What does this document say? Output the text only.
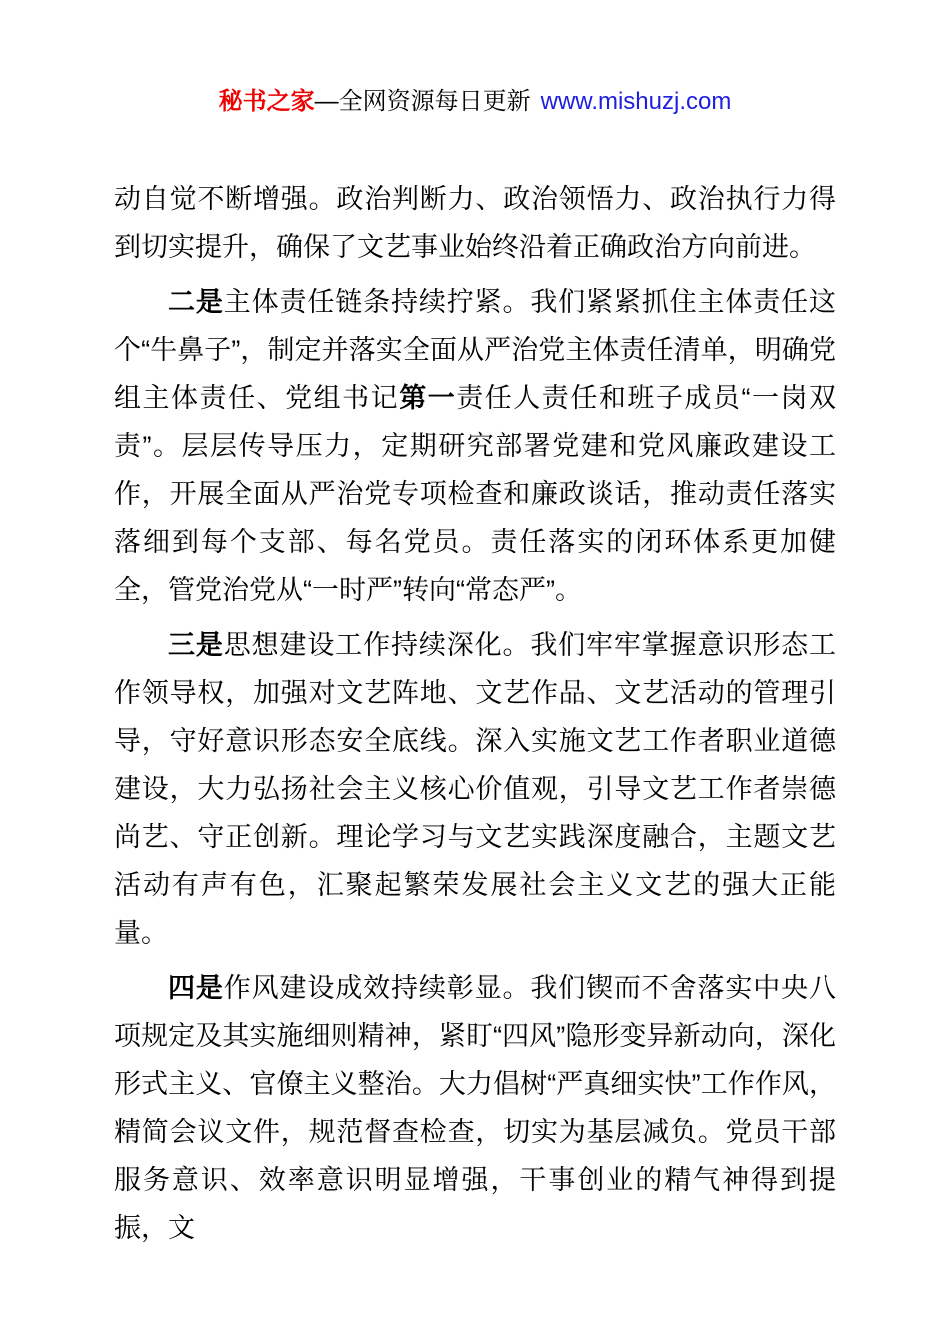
秘书之家—全网资源每日更新 www.mishuzj.com

动自觉不断增强。政治判断力、政治领悟力、政治执行力得到切实提升，确保了文艺事业始终沿着正确政治方向前进。

二是主体责任链条持续拧紧。我们紧紧抓住主体责任这个“牛鼻子”，制定并落实全面从严治党主体责任清单，明确党组主体责任、党组书记第一责任人责任和班子成员“一岗双责”。层层传导压力，定期研究部署党建和党风廉政建设工作，开展全面从严治党专项检查和廉政谈话，推动责任落实落细到每个支部、每名党员。责任落实的闭环体系更加健全，管党治党从“一时严”转向“常态严”。

三是思想建设工作持续深化。我们牢牢掌握意识形态工作领导权，加强对文艺阵地、文艺作品、文艺活动的管理引导，守好意识形态安全底线。深入实施文艺工作者职业道德建设，大力弘扬社会主义核心价值观，引导文艺工作者崇德尚艺、守正创新。理论学习与文艺实践深度融合，主题文艺活动有声有色，汇聚起繁荣发展社会主义文艺的强大正能量。

四是作风建设成效持续彰显。我们锲而不舍落实中央八项规定及其实施细则精神，紧盯“四风”隐形变异新动向，深化形式主义、官僚主义整治。大力倡树“严真细实快”工作作风，精简会议文件，规范督查检查，切实为基层减负。党员干部服务意识、效率意识明显增强，干事创业的精气神得到提振，文
